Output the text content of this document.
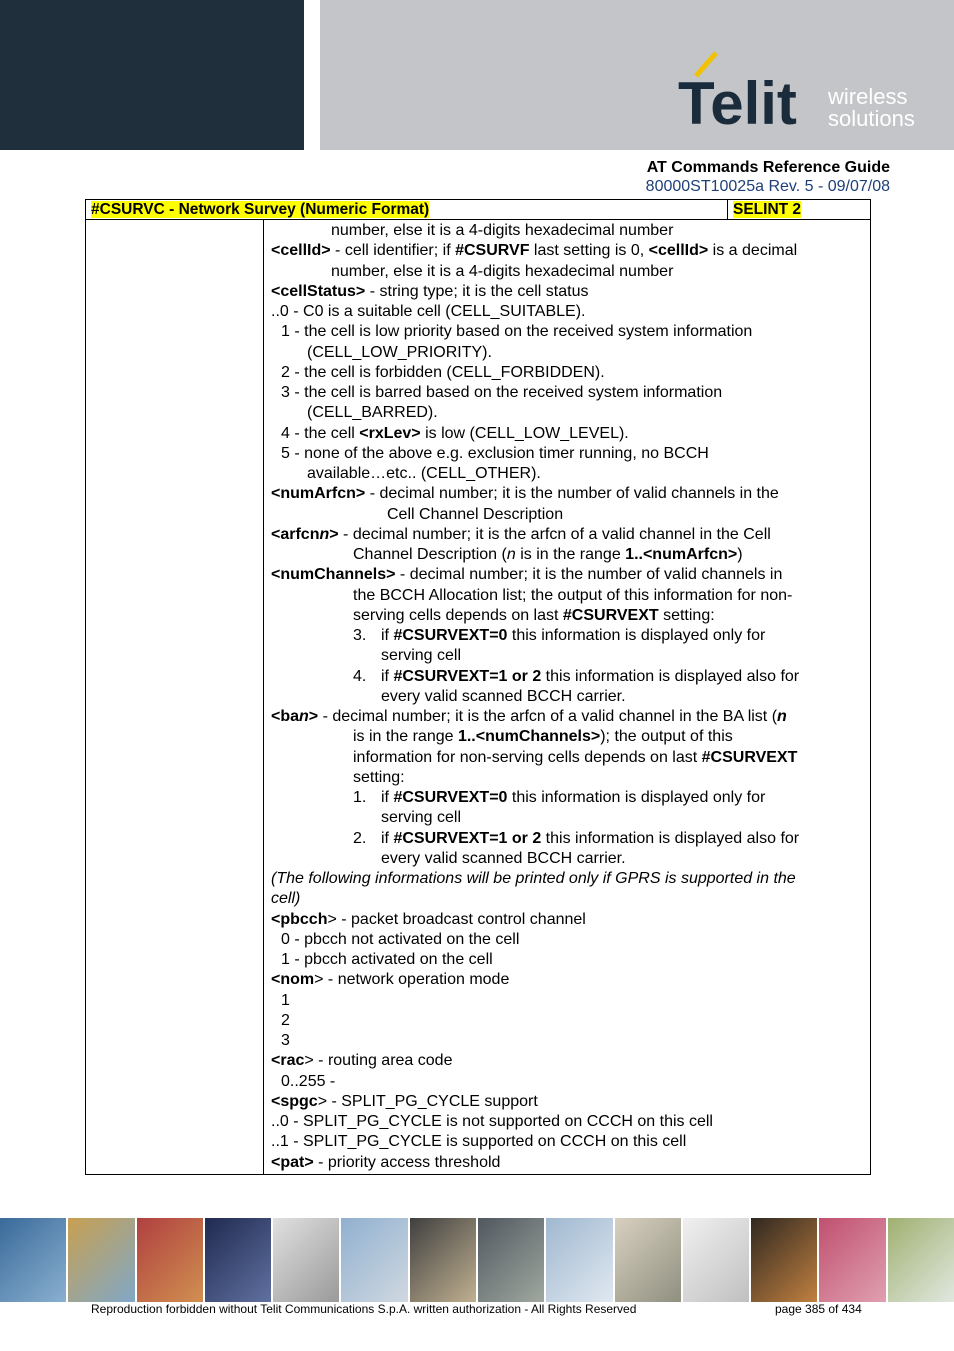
Telit wireless
solutions
AT Commands Reference Guide
80000ST10025a Rev. 5 - 09/07/08
#CSURVC - Network Survey (Numeric Format)	SELINT 2
number, else it is a 4-digits hexadecimal number
<cellId> - cell identifier; if #CSURVF last setting is 0, <cellId> is a decimal
number, else it is a 4-digits hexadecimal number
<cellStatus> - string type; it is the cell status
..0 - C0 is a suitable cell (CELL_SUITABLE).
1 - the cell is low priority based on the received system information
(CELL_LOW_PRIORITY).
2 - the cell is forbidden (CELL_FORBIDDEN).
3 - the cell is barred based on the received system information
(CELL_BARRED).
4 - the cell <rxLev> is low (CELL_LOW_LEVEL).
5 - none of the above e.g. exclusion timer running, no BCCH
available…etc.. (CELL_OTHER).
<numArfcn> - decimal number; it is the number of valid channels in the
Cell Channel Description
<arfcnn> - decimal number; it is the arfcn of a valid channel in the Cell
Channel Description (n is in the range 1..<numArfcn>)
<numChannels> - decimal number; it is the number of valid channels in
the BCCH Allocation list; the output of this information for non-
serving cells depends on last #CSURVEXT setting:
3. if #CSURVEXT=0 this information is displayed only for
serving cell
4. if #CSURVEXT=1 or 2 this information is displayed also for
every valid scanned BCCH carrier.
<ban> - decimal number; it is the arfcn of a valid channel in the BA list (n
is in the range 1..<numChannels>); the output of this
information for non-serving cells depends on last #CSURVEXT
setting:
1. if #CSURVEXT=0 this information is displayed only for
serving cell
2. if #CSURVEXT=1 or 2 this information is displayed also for
every valid scanned BCCH carrier.
(The following informations will be printed only if GPRS is supported in the
cell)
<pbcch> - packet broadcast control channel
0 - pbcch not activated on the cell
1 - pbcch activated on the cell
<nom> - network operation mode
1
2
3
<rac> - routing area code
0..255 -
<spgc> - SPLIT_PG_CYCLE support
..0 - SPLIT_PG_CYCLE is not supported on CCCH on this cell
..1 - SPLIT_PG_CYCLE is supported on CCCH on this cell
<pat> - priority access threshold
Reproduction forbidden without Telit Communications S.p.A. written authorization - All Rights Reserved	page 385 of 434
